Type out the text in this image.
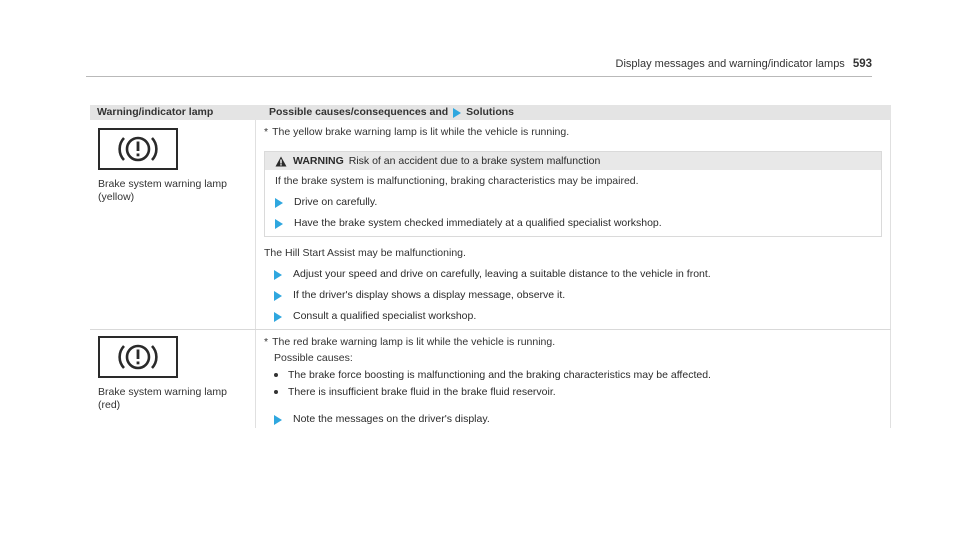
Display messages and warning/indicator lamps 593
Warning/indicator lamp	Possible causes/consequences and Solutions
Brake system warning lamp
(yellow)
* The yellow brake warning lamp is lit while the vehicle is running.
WARNING Risk of an accident due to a brake system malfunction
If the brake system is malfunctioning, braking characteristics may be impaired.
Drive on carefully.
Have the brake system checked immediately at a qualified specialist workshop.
The Hill Start Assist may be malfunctioning.
Adjust your speed and drive on carefully, leaving a suitable distance to the vehicle in front.
If the driver's display shows a display message, observe it.
Consult a qualified specialist workshop.
Brake system warning lamp
(red)
* The red brake warning lamp is lit while the vehicle is running.
Possible causes:
The brake force boosting is malfunctioning and the braking characteristics may be affected.
There is insufficient brake fluid in the brake fluid reservoir.
Note the messages on the driver's display.
